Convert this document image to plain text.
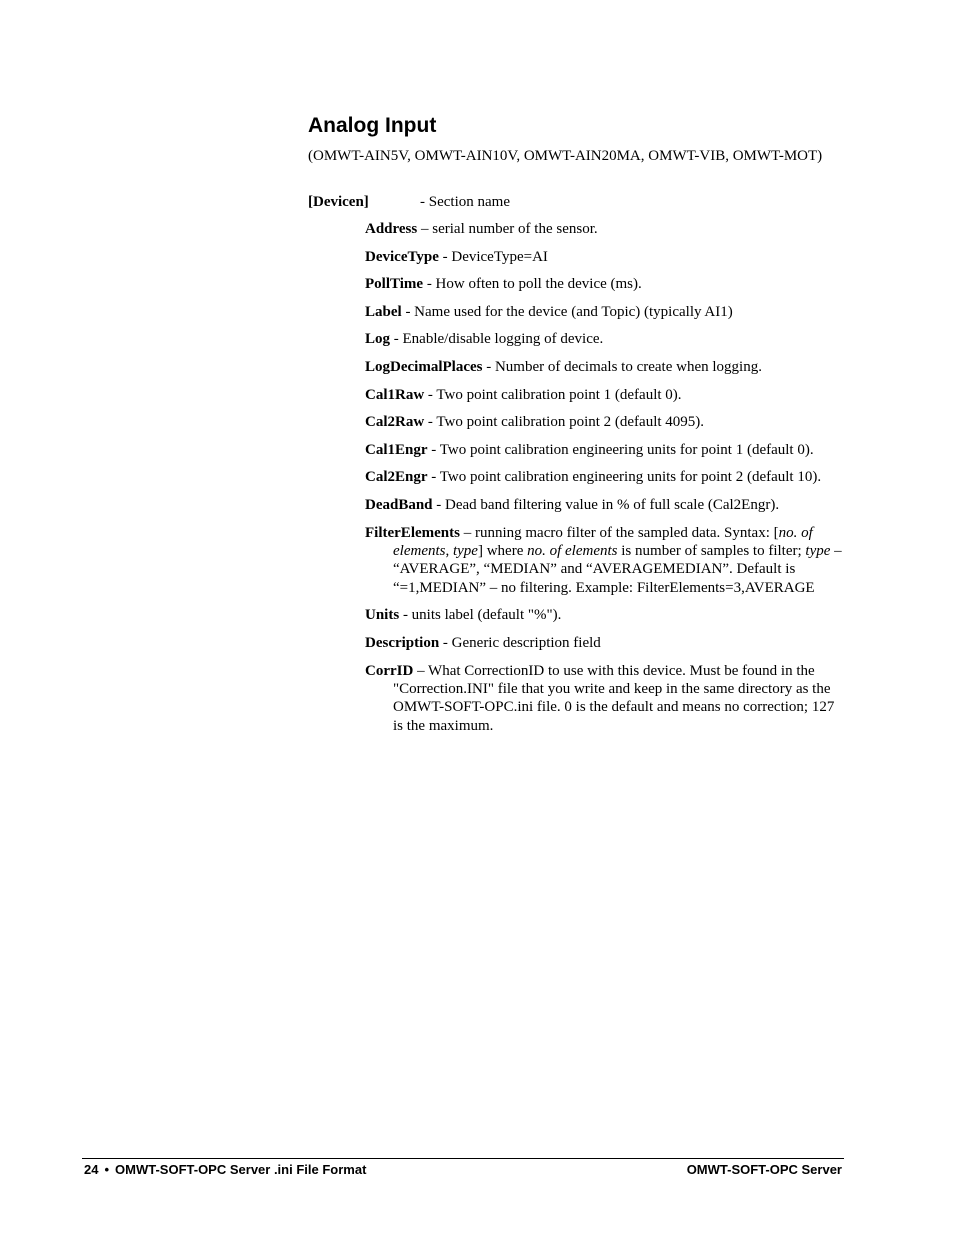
Analog Input
(OMWT-AIN5V, OMWT-AIN10V, OMWT-AIN20MA, OMWT-VIB, OMWT-MOT)
[Devicen]	- Section name

Address – serial number of the sensor.

DeviceType - DeviceType=AI

PollTime - How often to poll the device (ms).

Label - Name used for the device (and Topic) (typically AI1)

Log - Enable/disable logging of device.

LogDecimalPlaces - Number of decimals to create when logging.

Cal1Raw - Two point calibration point 1 (default 0).

Cal2Raw - Two point calibration point 2 (default 4095).

Cal1Engr - Two point calibration engineering units for point 1 (default 0).

Cal2Engr - Two point calibration engineering units for point 2 (default 10).

DeadBand - Dead band filtering value in % of full scale (Cal2Engr).

FilterElements – running macro filter of the sampled data. Syntax: [no. of elements, type] where no. of elements is number of samples to filter; type – “AVERAGE”, “MEDIAN” and “AVERAGEMEDIAN”. Default is “=1,MEDIAN” – no filtering. Example: FilterElements=3,AVERAGE

Units - units label (default "%").

Description - Generic description field

CorrID – What CorrectionID to use with this device. Must be found in the "Correction.INI" file that you write and keep in the same directory as the OMWT-SOFT-OPC.ini file. 0 is the default and means no correction; 127 is the maximum.

24 • OMWT-SOFT-OPC Server .ini File Format	OMWT-SOFT-OPC Server
